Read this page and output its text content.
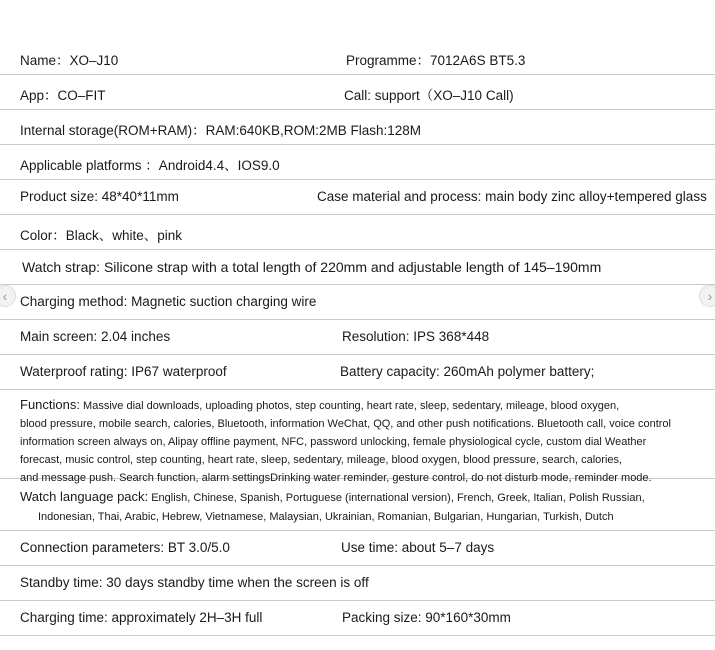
Name：XO–J10	Programme：7012A6S BT5.3
App：CO–FIT	Call: support（XO–J10 Call)
Internal storage(ROM+RAM)：RAM:640KB,ROM:2MB Flash:128M
Applicable platforms ：Android4.4、IOS9.0
Product size: 48*40*11mm	Case material and process: main body zinc alloy+tempered glass
Color：Black、white、pink
Watch strap: Silicone strap with a total length of 220mm and adjustable length of 145–190mm
Charging method: Magnetic suction charging wire
Main screen: 2.04 inches	Resolution: IPS 368*448
Waterproof rating: IP67 waterproof	Battery capacity: 260mAh polymer battery;
Functions: Massive dial downloads, uploading photos, step counting, heart rate, sleep, sedentary, mileage, blood oxygen,
blood pressure, mobile search, calories, Bluetooth, information WeChat, QQ, and other push notifications. Bluetooth call, voice control
information screen always on, Alipay offline payment, NFC, password unlocking, female physiological cycle, custom dial Weather
forecast, music control, step counting, heart rate, sleep, sedentary, mileage, blood oxygen, blood pressure, search, calories,
and message push. Search function, alarm settingsDrinking water reminder, gesture control, do not disturb mode, reminder mode.
Watch language pack: English, Chinese, Spanish, Portuguese (international version), French, Greek, Italian, Polish Russian,
Indonesian, Thai, Arabic, Hebrew, Vietnamese, Malaysian, Ukrainian, Romanian, Bulgarian, Hungarian, Turkish, Dutch
Connection parameters: BT 3.0/5.0	Use time: about 5–7 days
Standby time: 30 days standby time when the screen is off
Charging time: approximately 2H–3H full	Packing size: 90*160*30mm
‹	›
